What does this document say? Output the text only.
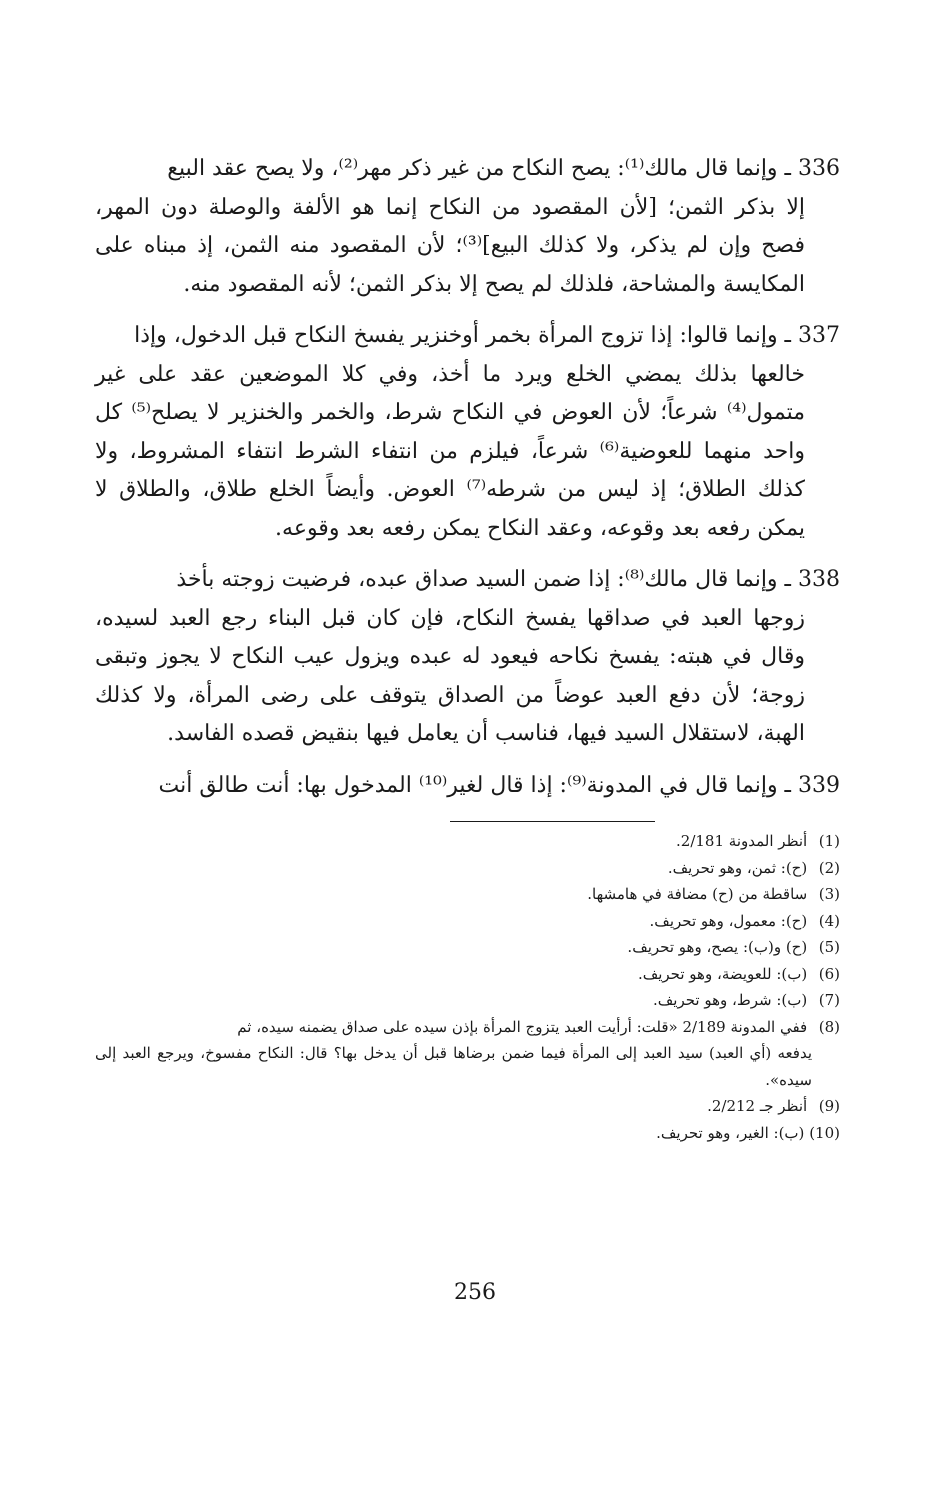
336 ـ وإنما قال مالك⁽¹⁾: يصح النكاح من غير ذكر مهر⁽²⁾، ولا يصح عقد البيع
إلا بذكر الثمن؛ [لأن المقصود من النكاح إنما هو الألفة والوصلة دون المهر، فصح وإن لم يذكر، ولا كذلك البيع]⁽³⁾؛ لأن المقصود منه الثمن، إذ مبناه على المكايسة والمشاحة، فلذلك لم يصح إلا بذكر الثمن؛ لأنه المقصود منه.

337 ـ وإنما قالوا: إذا تزوج المرأة بخمر أوخنزير يفسخ النكاح قبل الدخول، وإذا
خالعها بذلك يمضي الخلع ويرد ما أخذ، وفي كلا الموضعين عقد على غير متمول⁽⁴⁾ شرعاً؛ لأن العوض في النكاح شرط، والخمر والخنزير لا يصلح⁽⁵⁾ كل واحد منهما للعوضية⁽⁶⁾ شرعاً، فيلزم من انتفاء الشرط انتفاء المشروط، ولا كذلك الطلاق؛ إذ ليس من شرطه⁽⁷⁾ العوض. وأيضاً الخلع طلاق، والطلاق لا يمكن رفعه بعد وقوعه، وعقد النكاح يمكن رفعه بعد وقوعه.

338 ـ وإنما قال مالك⁽⁸⁾: إذا ضمن السيد صداق عبده، فرضيت زوجته بأخذ
زوجها العبد في صداقها يفسخ النكاح، فإن كان قبل البناء رجع العبد لسيده، وقال في هبته: يفسخ نكاحه فيعود له عبده ويزول عيب النكاح لا يجوز وتبقى زوجة؛ لأن دفع العبد عوضاً من الصداق يتوقف على رضى المرأة، ولا كذلك الهبة، لاستقلال السيد فيها، فناسب أن يعامل فيها بنقيض قصده الفاسد.

339 ـ وإنما قال في المدونة⁽⁹⁾: إذا قال لغير⁽¹⁰⁾ المدخول بها: أنت طالق أنت

(1) أنظر المدونة 2/181.
(2) (ح): ثمن، وهو تحريف.
(3) ساقطة من (ح) مضافة في هامشها.
(4) (ح): معمول، وهو تحريف.
(5) (ح) و(ب): يصح، وهو تحريف.
(6) (ب): للعويضة، وهو تحريف.
(7) (ب): شرط، وهو تحريف.
(8) ففي المدونة 2/189 «قلت: أرأيت العبد يتزوج المرأة بإذن سيده على صداق يضمنه سيده، ثم
يدفعه (أي العبد) سيد العبد إلى المرأة فيما ضمن برضاها قبل أن يدخل بها؟ قال: النكاح مفسوخ، ويرجع العبد إلى سيده».
(9) أنظر جـ 2/212.
(10) (ب): الغير، وهو تحريف.
256
